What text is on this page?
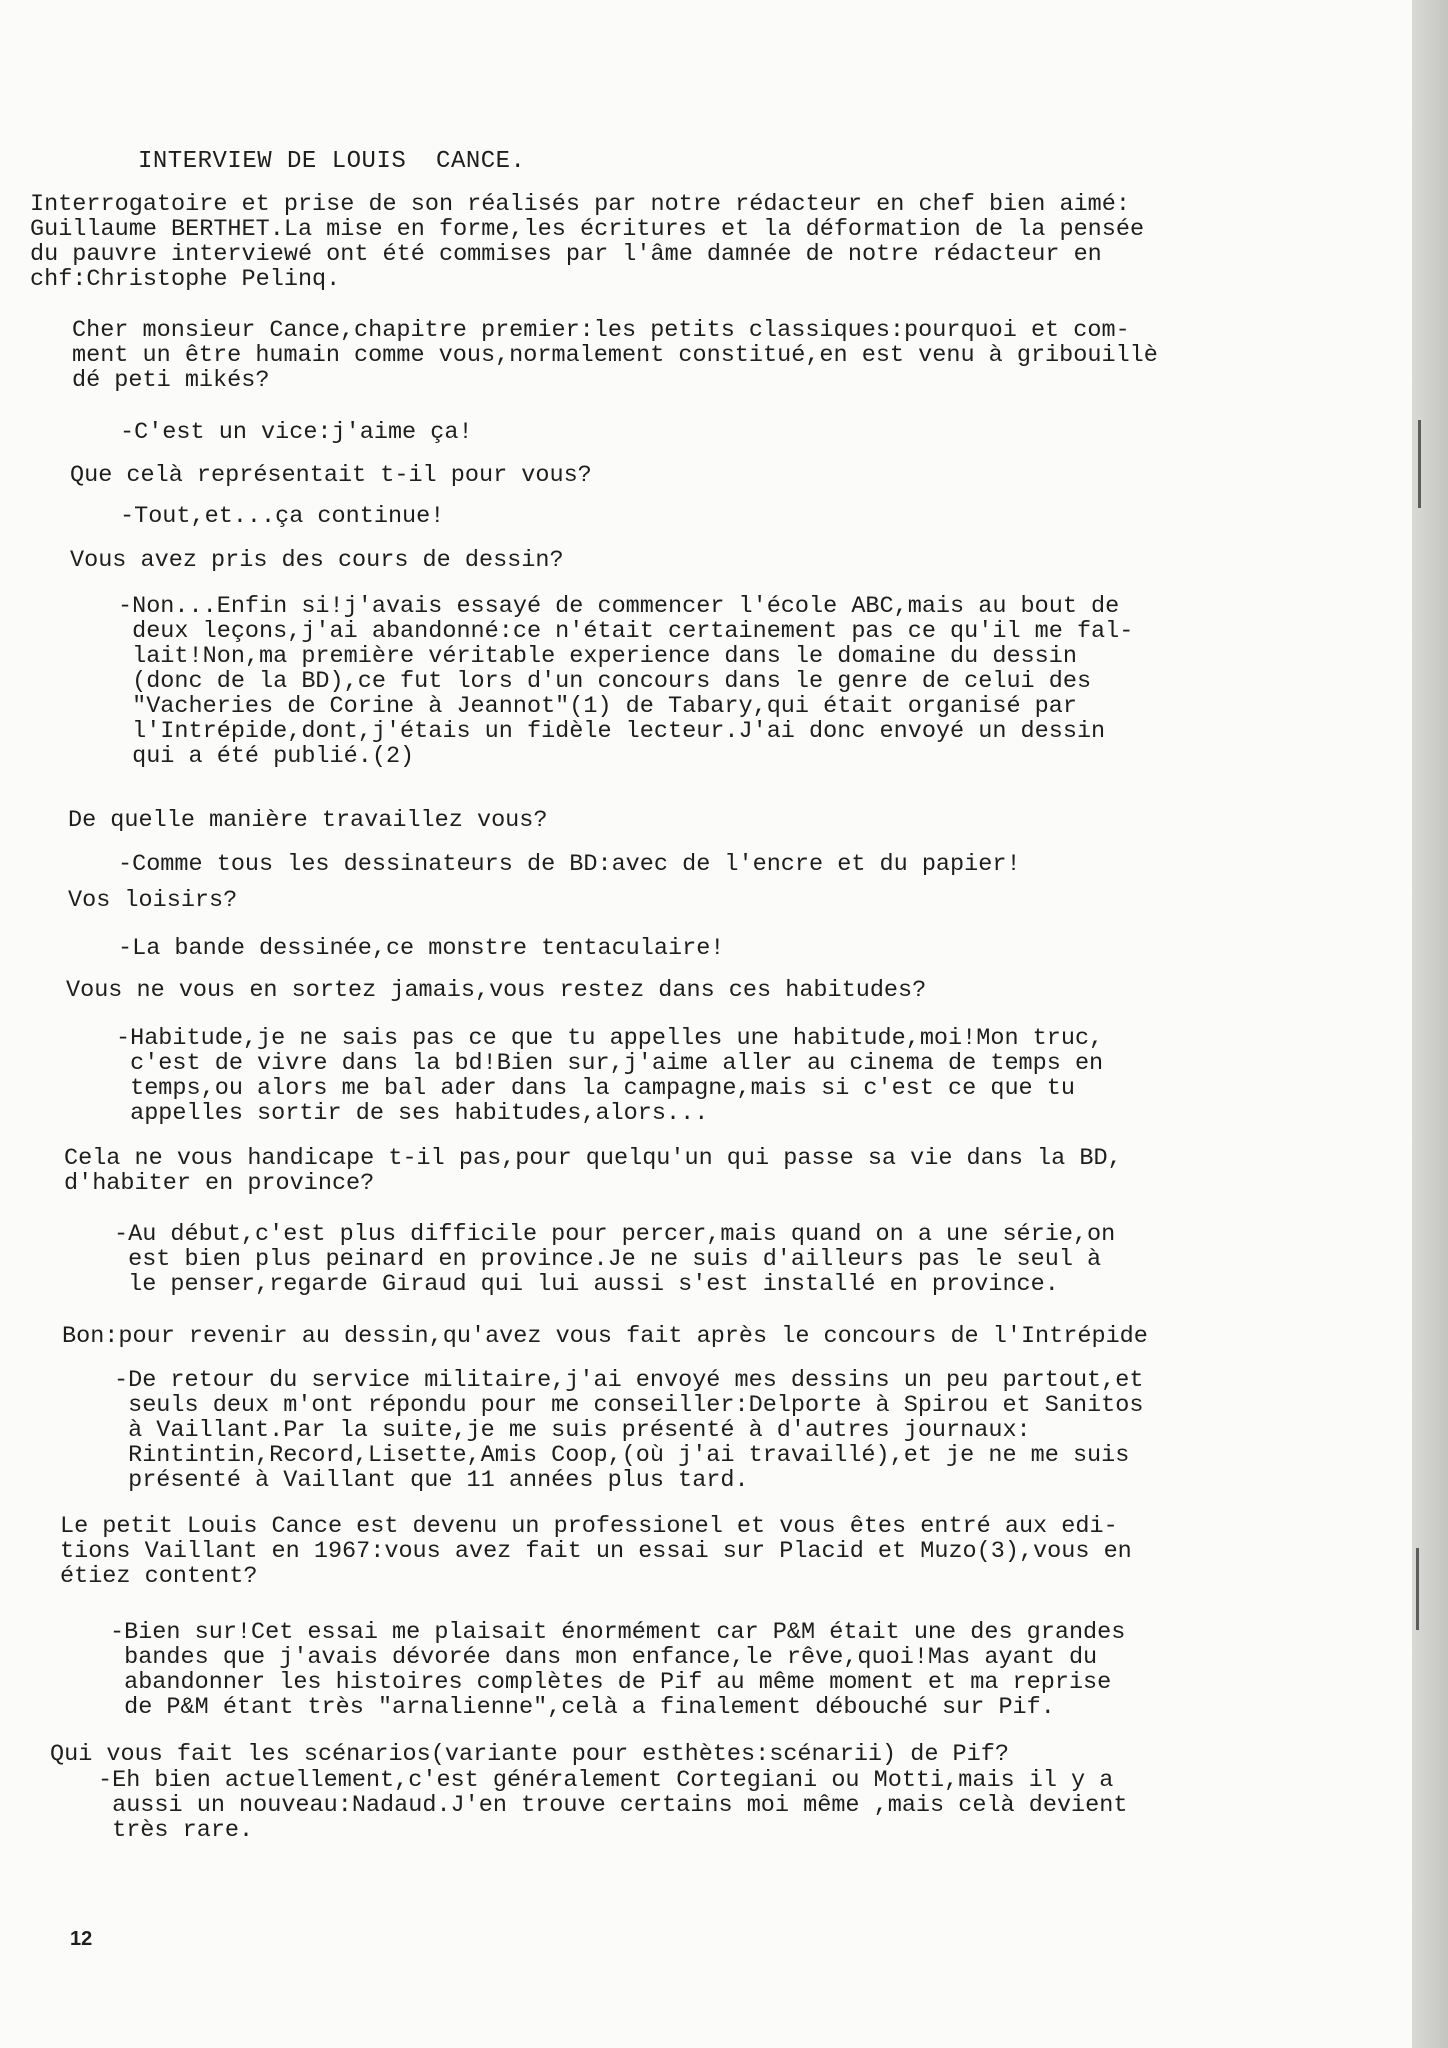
INTERVIEW DE LOUIS  CANCE.
Interrogatoire et prise de son réalisés par notre rédacteur en chef bien aimé:
Guillaume BERTHET.La mise en forme,les écritures et la déformation de la pensée
du pauvre interviewé ont été commises par l'âme damnée de notre rédacteur en
chf:Christophe Pelinq.
Cher monsieur Cance,chapitre premier:les petits classiques:pourquoi et com-
ment un être humain comme vous,normalement constitué,en est venu à gribouillè
dé peti mikés?
-C'est un vice:j'aime ça!
Que celà représentait t-il pour vous?
-Tout,et...ça continue!
Vous avez pris des cours de dessin?
-Non...Enfin si!j'avais essayé de commencer l'école ABC,mais au bout de
deux leçons,j'ai abandonné:ce n'était certainement pas ce qu'il me fal-
lait!Non,ma première véritable experience dans le domaine du dessin
(donc de la BD),ce fut lors d'un concours dans le genre de celui des
"Vacheries de Corine à Jeannot"(1) de Tabary,qui était organisé par
l'Intrépide,dont,j'étais un fidèle lecteur.J'ai donc envoyé un dessin
qui a été publié.(2)
De quelle manière travaillez vous?
-Comme tous les dessinateurs de BD:avec de l'encre et du papier!
Vos loisirs?
-La bande dessinée,ce monstre tentaculaire!
Vous ne vous en sortez jamais,vous restez dans ces habitudes?
-Habitude,je ne sais pas ce que tu appelles une habitude,moi!Mon truc,
c'est de vivre dans la bd!Bien sur,j'aime aller au cinema de temps en
temps,ou alors me bal ader dans la campagne,mais si c'est ce que tu
appelles sortir de ses habitudes,alors...
Cela ne vous handicape t-il pas,pour quelqu'un qui passe sa vie dans la BD,
d'habiter en province?
-Au début,c'est plus difficile pour percer,mais quand on a une série,on
est bien plus peinard en province.Je ne suis d'ailleurs pas le seul à
le penser,regarde Giraud qui lui aussi s'est installé en province.
Bon:pour revenir au dessin,qu'avez vous fait après le concours de l'Intrépide
-De retour du service militaire,j'ai envoyé mes dessins un peu partout,et
seuls deux m'ont répondu pour me conseiller:Delporte à Spirou et Sanitos
à Vaillant.Par la suite,je me suis présenté à d'autres journaux:
Rintintin,Record,Lisette,Amis Coop,(où j'ai travaillé),et je ne me suis
présenté à Vaillant que 11 années plus tard.
Le petit Louis Cance est devenu un professionel et vous êtes entré aux edi-
tions Vaillant en 1967:vous avez fait un essai sur Placid et Muzo(3),vous en
étiez content?
-Bien sur!Cet essai me plaisait énormément car P&M était une des grandes
bandes que j'avais dévorée dans mon enfance,le rêve,quoi!Mas ayant du
abandonner les histoires complètes de Pif au même moment et ma reprise
de P&M étant très "arnalienne",celà a finalement débouché sur Pif.
Qui vous fait les scénarios(variante pour esthètes:scénarii) de Pif?
-Eh bien actuellement,c'est généralement Cortegiani ou Motti,mais il y a
aussi un nouveau:Nadaud.J'en trouve certains moi même ,mais celà devient
très rare.
12
